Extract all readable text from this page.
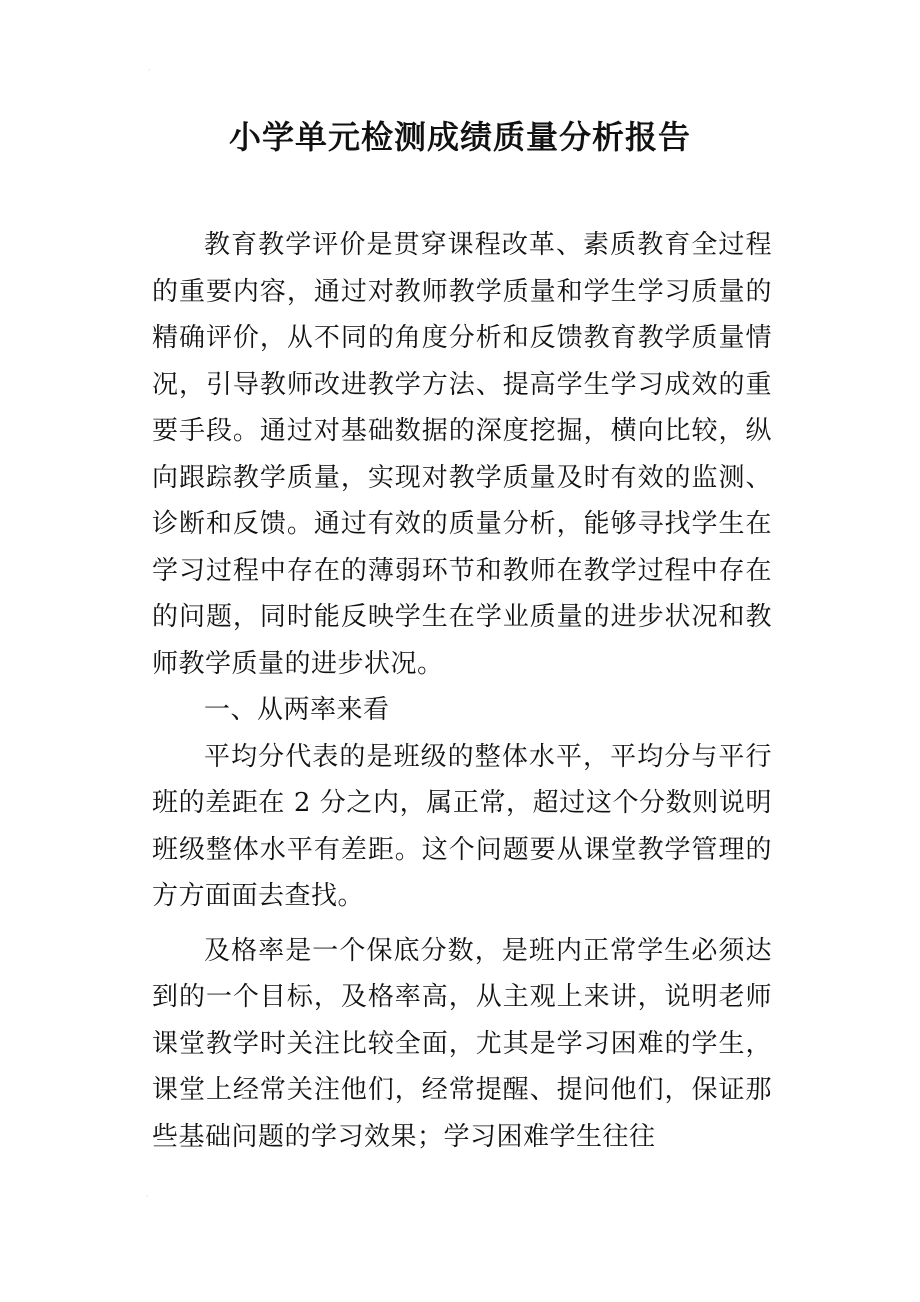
·
小学单元检测成绩质量分析报告

教育教学评价是贯穿课程改革、素质教育全过程的重要内容，通过对教师教学质量和学生学习质量的精确评价，从不同的角度分析和反馈教育教学质量情况，引导教师改进教学方法、提高学生学习成效的重要手段。通过对基础数据的深度挖掘，横向比较，纵向跟踪教学质量，实现对教学质量及时有效的监测、诊断和反馈。通过有效的质量分析，能够寻找学生在学习过程中存在的薄弱环节和教师在教学过程中存在的问题，同时能反映学生在学业质量的进步状况和教师教学质量的进步状况。

一、从两率来看

平均分代表的是班级的整体水平，平均分与平行班的差距在 2 分之内，属正常，超过这个分数则说明班级整体水平有差距。这个问题要从课堂教学管理的方方面面去查找。

及格率是一个保底分数，是班内正常学生必须达到的一个目标，及格率高，从主观上来讲，说明老师课堂教学时关注比较全面，尤其是学习困难的学生，课堂上经常关注他们，经常提醒、提问他们，保证那些基础问题的学习效果；学习困难学生往往

·
